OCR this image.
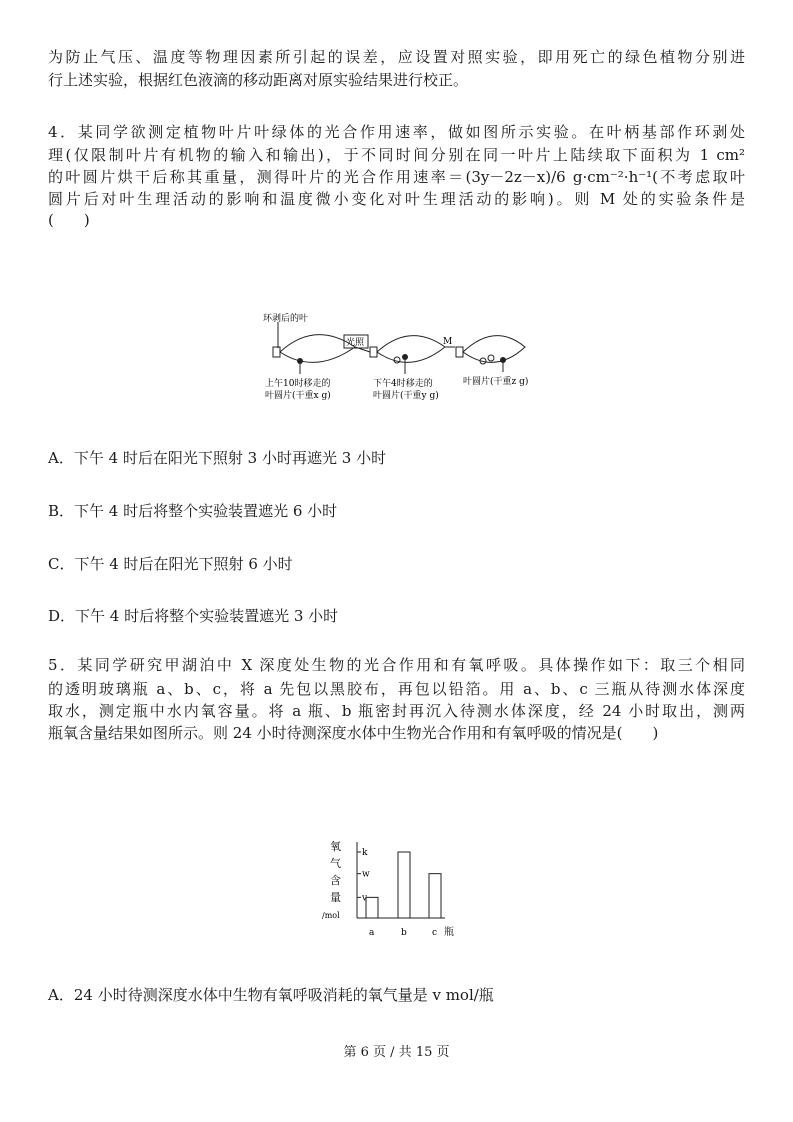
为防止气压、温度等物理因素所引起的误差，应设置对照实验，即用死亡的绿色植物分别进
行上述实验，根据红色液滴的移动距离对原实验结果进行校正。
4．某同学欲测定植物叶片叶绿体的光合作用速率，做如图所示实验。在叶柄基部作环剥处
理(仅限制叶片有机物的输入和输出)，于不同时间分别在同一叶片上陆续取下面积为 1 cm²
的叶圆片烘干后称其重量，测得叶片的光合作用速率＝(3y－2z－x)/6 g·cm⁻²·h⁻¹(不考虑取叶
圆片后对叶生理活动的影响和温度微小变化对叶生理活动的影响)。则 M 处的实验条件是
(　　)
环剥后的叶
光照	M
上午10时移走的
叶圆片(干重x g)
下午4时移走的
叶圆片(干重y g)
叶圆片(干重z g)
A．下午 4 时后在阳光下照射 3 小时再遮光 3 小时
B．下午 4 时后将整个实验装置遮光 6 小时
C．下午 4 时后在阳光下照射 6 小时
D．下午 4 时后将整个实验装置遮光 3 小时
5．某同学研究甲湖泊中 X 深度处生物的光合作用和有氧呼吸。具体操作如下：取三个相同
的透明玻璃瓶 a、b、c，将 a 先包以黑胶布，再包以铅箔。用 a、b、c 三瓶从待测水体深度
取水，测定瓶中水内氧容量。将 a 瓶、b 瓶密封再沉入待测水体深度，经 24 小时取出，测两
瓶氧含量结果如图所示。则 24 小时待测深度水体中生物光合作用和有氧呼吸的情况是(　　)
氧
气
含
量
/mol
v
w
k
a	b	c 瓶
A．24 小时待测深度水体中生物有氧呼吸消耗的氧气量是 v mol/瓶
第 6 页 / 共 15 页
